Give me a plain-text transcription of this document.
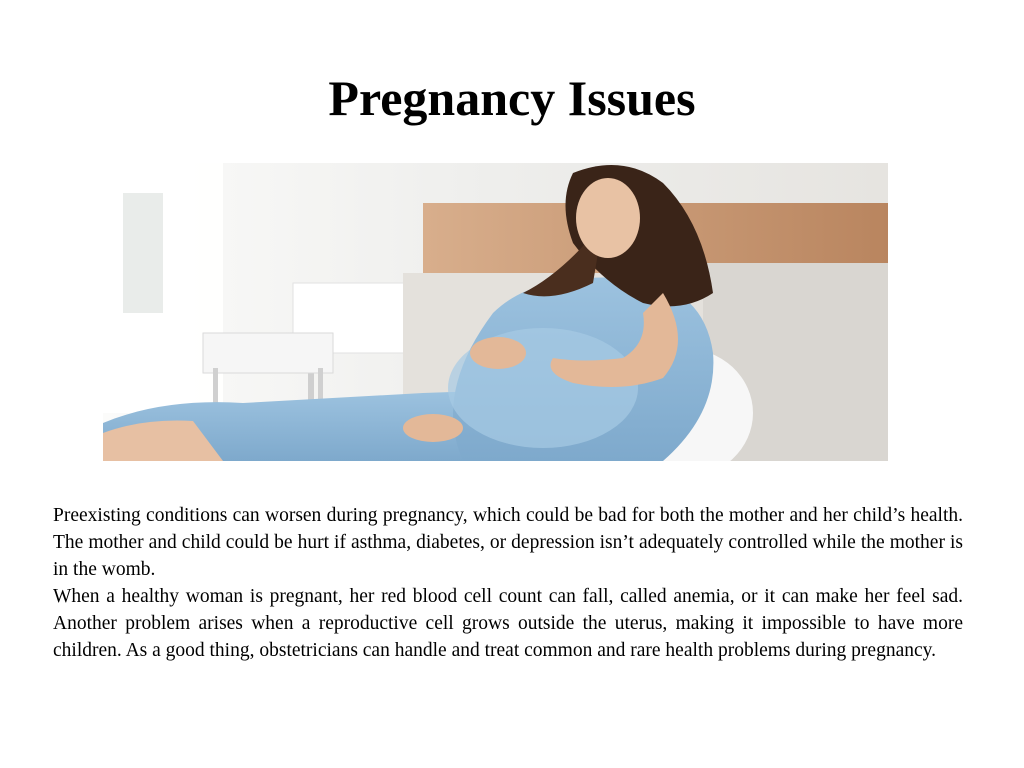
Pregnancy Issues

Preexisting conditions can worsen during pregnancy, which could be bad for both the mother and her child’s health. The mother and child could be hurt if asthma, diabetes, or depression isn’t adequately controlled while the mother is in the womb.

When a healthy woman is pregnant, her red blood cell count can fall, called anemia, or it can make her feel sad. Another problem arises when a reproductive cell grows outside the uterus, making it impossible to have more children. As a good thing, obstetricians can handle and treat common and rare health problems during pregnancy.
